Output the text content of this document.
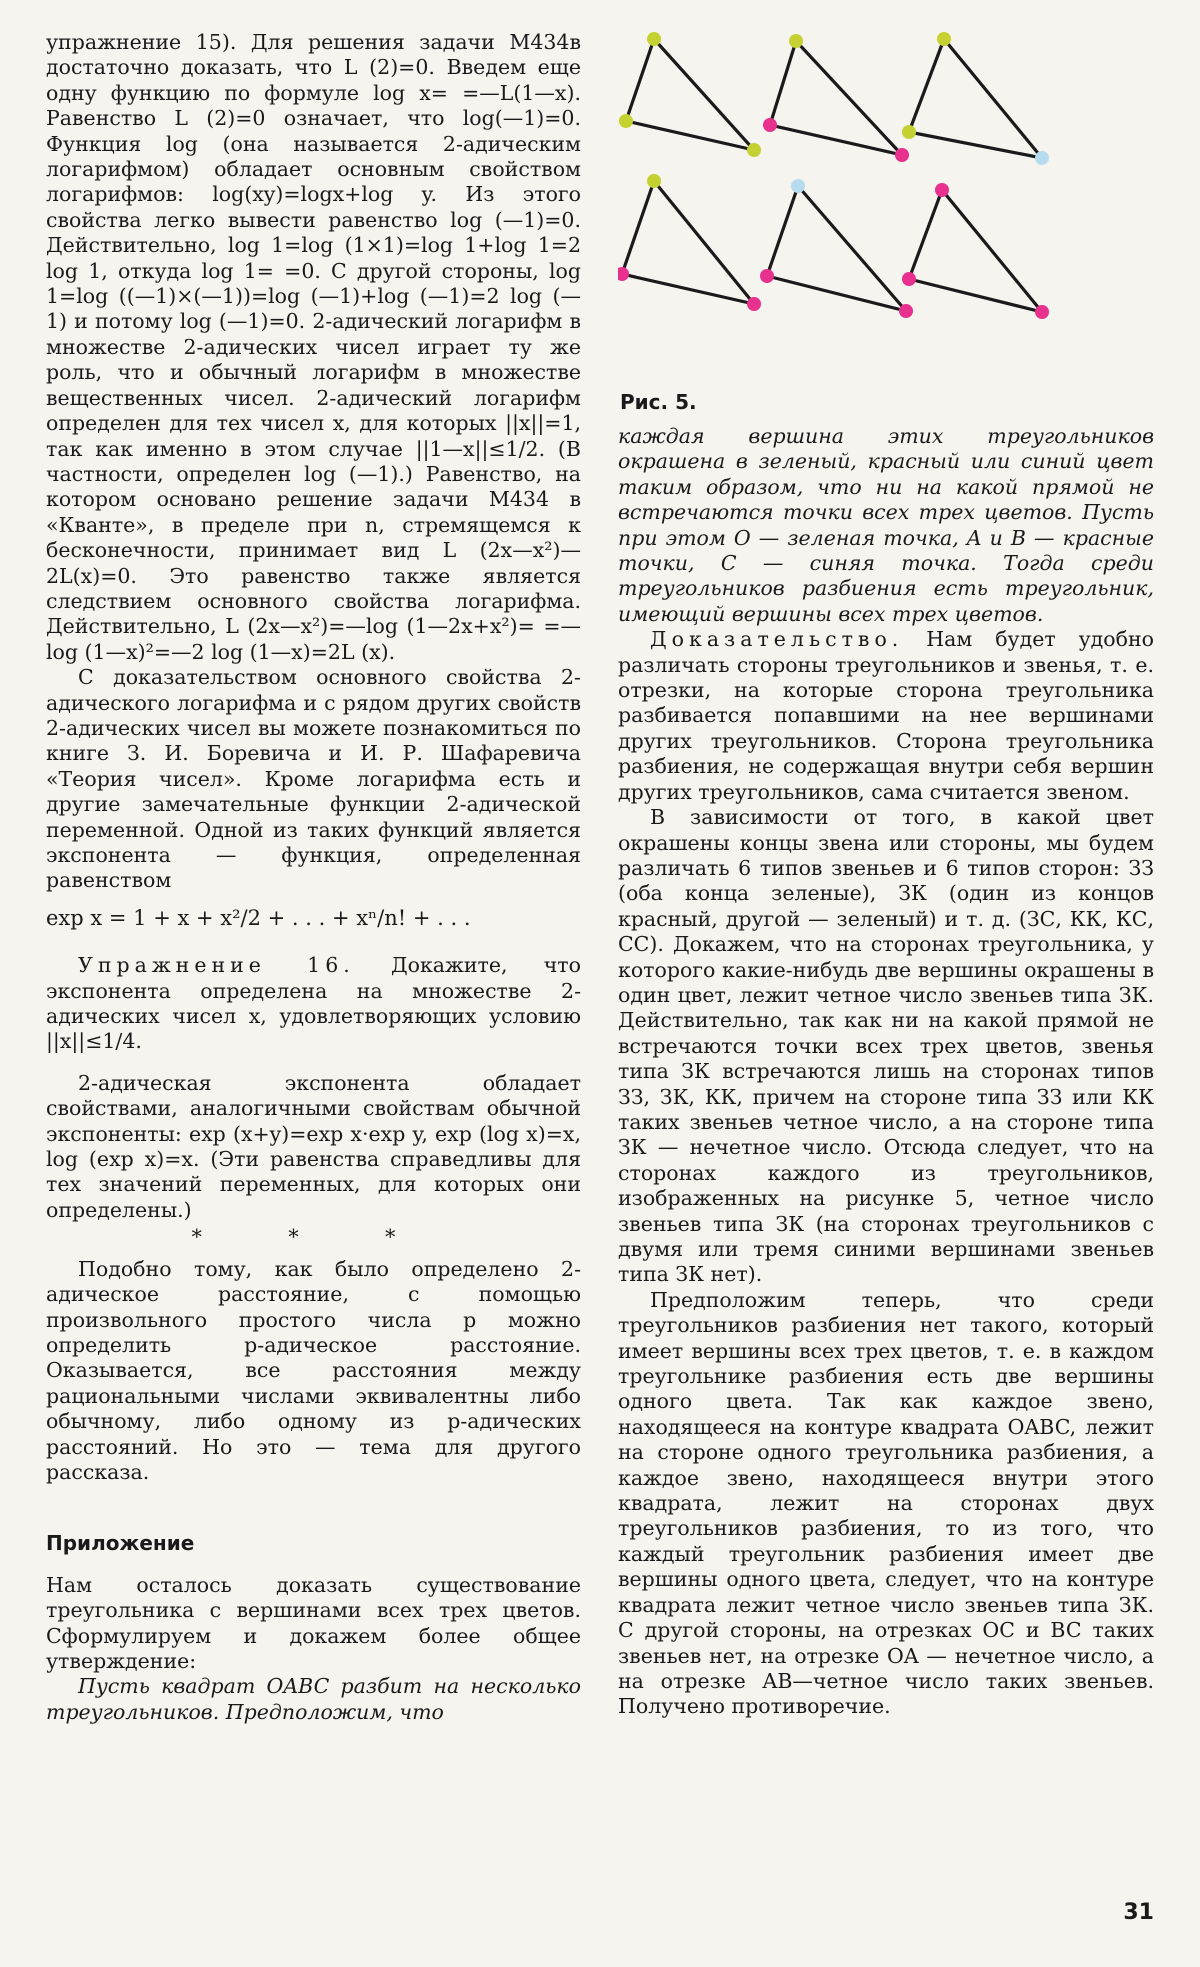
упражнение 15). Для решения задачи М434в достаточно доказать, что L (2)=0. Введем еще одну функцию по формуле log x= =—L(1—x). Равенство L (2)=0 означает, что log(—1)=0. Функция log (она называется 2-адическим логарифмом) обладает основным свойством логарифмов: log(xy)=logx+log y. Из этого свойства легко вывести равенство log (—1)=0. Действительно, log 1=log (1×1)=log 1+log 1=2 log 1, откуда log 1= =0. С другой стороны, log 1=log ((—1)×(—1))=log (—1)+log (—1)=2 log (—1) и потому log (—1)=0. 2-адический логарифм в множестве 2-адических чисел играет ту же роль, что и обычный логарифм в множестве вещественных чисел. 2-адический логарифм определен для тех чисел x, для которых ||x||=1, так как именно в этом случае ||1—x||≤1/2. (В частности, определен log (—1).) Равенство, на котором основано решение задачи М434 в «Кванте», в пределе при n, стремящемся к бесконечности, принимает вид L (2x—x²)—2L(x)=0. Это равенство также является следствием основного свойства логарифма. Действительно, L (2x—x²)=—log (1—2x+x²)= =—log (1—x)²=—2 log (1—x)=2L (x).

С доказательством основного свойства 2-адического логарифма и с рядом других свойств 2-адических чисел вы можете познакомиться по книге З. И. Боревича и И. Р. Шафаревича «Теория чисел». Кроме логарифма есть и другие замечательные функции 2-адической переменной. Одной из таких функций является экспонента — функция, определенная равенством

exp x = 1 + x + x²/2 + . . . + xⁿ/n! + . . .

Упражнение 16. Докажите, что экспонента определена на множестве 2-адических чисел x, удовлетворяющих условию ||x||≤1/4.

2-адическая экспонента обладает свойствами, аналогичными свойствам обычной экспоненты: exp (x+y)=exp x·exp y, exp (log x)=x, log (exp x)=x. (Эти равенства справедливы для тех значений переменных, для которых они определены.)

* * *

Подобно тому, как было определено 2-адическое расстояние, с помощью произвольного простого числа p можно определить p-адическое расстояние. Оказывается, все расстояния между рациональными числами эквивалентны либо обычному, либо одному из p-адических расстояний. Но это — тема для другого рассказа.

Приложение

Нам осталось доказать существование треугольника с вершинами всех трех цветов. Сформулируем и докажем более общее утверждение:

Пусть квадрат OABC разбит на несколько треугольников. Предположим, что

Рис. 5.

каждая вершина этих треугольников окрашена в зеленый, красный или синий цвет таким образом, что ни на какой прямой не встречаются точки всех трех цветов. Пусть при этом O — зеленая точка, A и B — красные точки, C — синяя точка. Тогда среди треугольников разбиения есть треугольник, имеющий вершины всех трех цветов.

Доказательство. Нам будет удобно различать стороны треугольников и звенья, т. е. отрезки, на которые сторона треугольника разбивается попавшими на нее вершинами других треугольников. Сторона треугольника разбиения, не содержащая внутри себя вершин других треугольников, сама считается звеном.

В зависимости от того, в какой цвет окрашены концы звена или стороны, мы будем различать 6 типов звеньев и 6 типов сторон: ЗЗ (оба конца зеленые), ЗК (один из концов красный, другой — зеленый) и т. д. (ЗС, КК, КС, СС). Докажем, что на сторонах треугольника, у которого какие-нибудь две вершины окрашены в один цвет, лежит четное число звеньев типа ЗК. Действительно, так как ни на какой прямой не встречаются точки всех трех цветов, звенья типа ЗК встречаются лишь на сторонах типов ЗЗ, ЗК, КК, причем на стороне типа ЗЗ или КК таких звеньев четное число, а на стороне типа ЗК — нечетное число. Отсюда следует, что на сторонах каждого из треугольников, изображенных на рисунке 5, четное число звеньев типа ЗК (на сторонах треугольников с двумя или тремя синими вершинами звеньев типа ЗК нет).

Предположим теперь, что среди треугольников разбиения нет такого, который имеет вершины всех трех цветов, т. е. в каждом треугольнике разбиения есть две вершины одного цвета. Так как каждое звено, находящееся на контуре квадрата OABC, лежит на стороне одного треугольника разбиения, а каждое звено, находящееся внутри этого квадрата, лежит на сторонах двух треугольников разбиения, то из того, что каждый треугольник разбиения имеет две вершины одного цвета, следует, что на контуре квадрата лежит четное число звеньев типа ЗК. С другой стороны, на отрезках OC и BC таких звеньев нет, на отрезке OA — нечетное число, а на отрезке AB—четное число таких звеньев. Получено противоречие.

31
